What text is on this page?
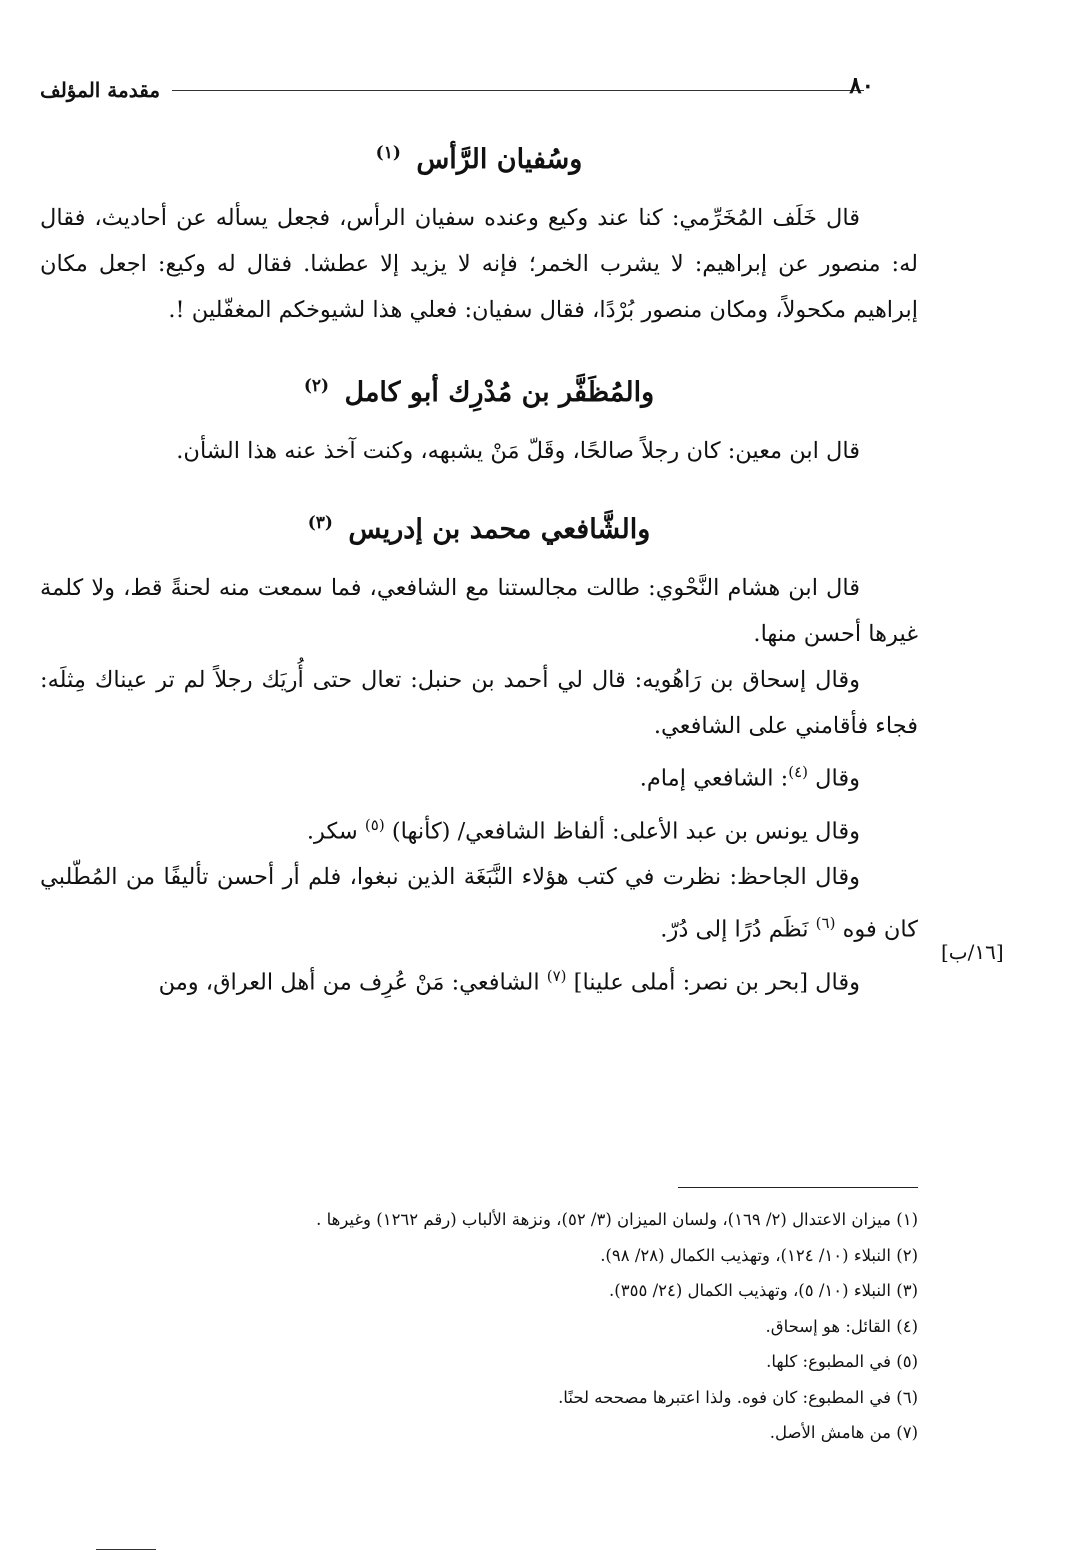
مقدمة المؤلف	٨٠
وسُفيان الرَّأس $^{(١)}$

قال خَلَف المُخَرِّمي: كنا عند وكيع وعنده سفيان الرأس، فجعل يسأله عن أحاديث، فقال له: منصور عن إبراهيم: لا يشرب الخمر؛ فإنه لا يزيد إلا عطشا. فقال له وكيع: اجعل مكان إبراهيم مكحولاً، ومكان منصور بُرْدًا، فقال سفيان: فعلي هذا لشيوخكم المغفّلين !.

والمُظَفَّر بن مُدْرِك أبو كامل $^{(٢)}$

قال ابن معين: كان رجلاً صالحًا، وقَلّ مَنْ يشبهه، وكنت آخذ عنه هذا الشأن.

والشَّافعي محمد بن إدريس $^{(٣)}$

قال ابن هشام النَّحْوي: طالت مجالستنا مع الشافعي، فما سمعت منه لحنةً قط، ولا كلمة غيرها أحسن منها.

وقال إسحاق بن رَاهُويه: قال لي أحمد بن حنبل: تعال حتى أُريَك رجلاً لم تر عيناك مِثلَه: فجاء فأقامني على الشافعي.

وقال $^{(٤)}$: الشافعي إمام.

وقال يونس بن عبد الأعلى: ألفاظ الشافعي/ (كأنها) $^{(٥)}$ سكر.

وقال الجاحظ: نظرت في كتب هؤلاء النَّبَغَة الذين نبغوا، فلم أر أحسن تأليفًا من المُطّلبي كان فوه $^{(٦)}$ نَظَم دُرًا إلى دُرّ.

وقال [بحر بن نصر: أملى علينا] $^{(٧)}$ الشافعي: مَنْ عُرِف من أهل العراق، ومن

[١٦/ب]

(١) ميزان الاعتدال (٢/ ١٦٩)، ولسان الميزان (٣/ ٥٢)، ونزهة الألباب (رقم ١٢٦٢) وغيرها .

(٢) النبلاء (١٠/ ١٢٤)، وتهذيب الكمال (٢٨/ ٩٨).

(٣) النبلاء (١٠/ ٥)، وتهذيب الكمال (٢٤/ ٣٥٥).

(٤) القائل: هو إسحاق.

(٥) في المطبوع: كلها.

(٦) في المطبوع: كان فوه. ولذا اعتبرها مصححه لحنًا.

(٧) من هامش الأصل.
